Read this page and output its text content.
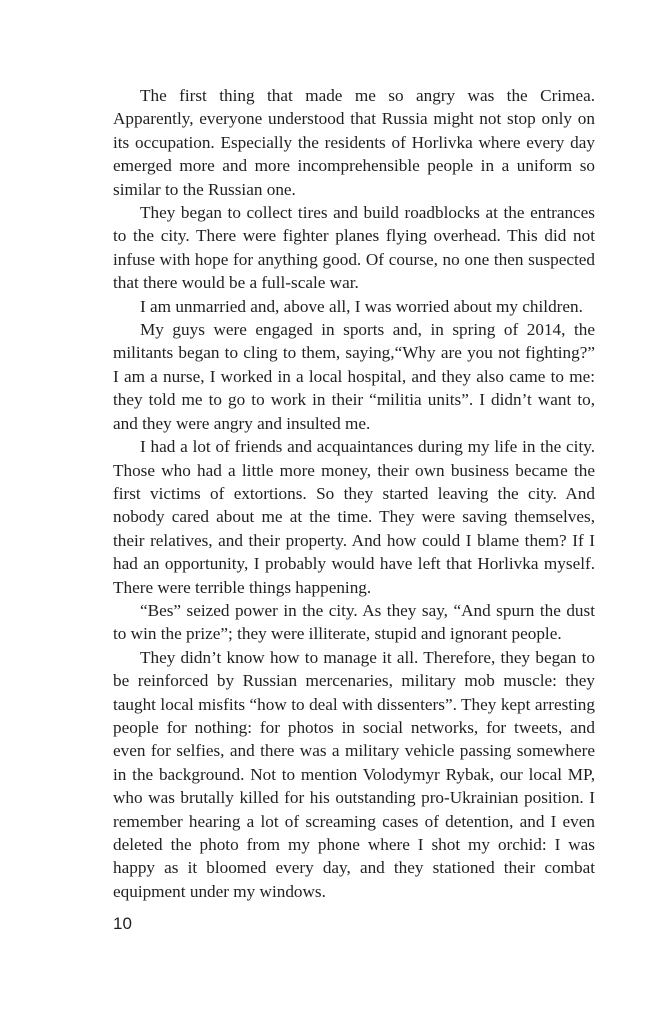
The first thing that made me so angry was the Crimea. Apparently, everyone understood that Russia might not stop only on its occupation. Especially the residents of Horlivka where every day emerged more and more incomprehensible people in a uniform so similar to the Russian one.

They began to collect tires and build roadblocks at the entrances to the city. There were fighter planes flying overhead. This did not infuse with hope for anything good. Of course, no one then suspected that there would be a full-scale war.

I am unmarried and, above all, I was worried about my children.

My guys were engaged in sports and, in spring of 2014, the militants began to cling to them, saying,“Why are you not fighting?” I am a nurse, I worked in a local hospital, and they also came to me: they told me to go to work in their “militia units”. I didn’t want to, and they were angry and insulted me.

I had a lot of friends and acquaintances during my life in the city. Those who had a little more money, their own business became the first victims of extortions. So they started leaving the city. And nobody cared about me at the time. They were saving themselves, their relatives, and their property. And how could I blame them? If I had an opportunity, I probably would have left that Horlivka myself. There were terrible things happening.

“Bes” seized power in the city. As they say, “And spurn the dust to win the prize”; they were illiterate, stupid and ignorant people.

They didn’t know how to manage it all. Therefore, they began to be reinforced by Russian mercenaries, military mob muscle: they taught local misfits “how to deal with dissenters”. They kept arresting people for nothing: for photos in social networks, for tweets, and even for selfies, and there was a military vehicle passing somewhere in the background. Not to mention Volodymyr Rybak, our local MP, who was brutally killed for his outstanding pro-Ukrainian position. I remember hearing a lot of screaming cases of detention, and I even deleted the photo from my phone where I shot my orchid: I was happy as it bloomed every day, and they stationed their combat equipment under my windows.

10
